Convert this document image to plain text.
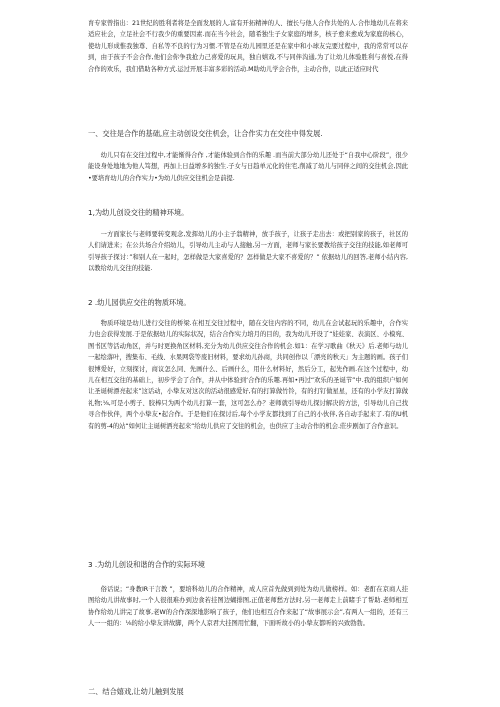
育专家曾指出：21世纪的胜利者将是全面发展的人,富有开拓精神的人、擅长与他人合作共处的人.合作地幼儿在将来适应社会，立足社会不行我少的重要因素.而在当今社会，随希独生子女家庭的增多，核子愈来愈成为家庭的核心，使幼儿形成惟我独尊、自私等不良的行为习惯.不管是在幼儿园里还是在家中和小球友完要过程中，我的常常可以存到，由于孩子不会合作,他们会你争我抢力己喜爱的玩具，独自嬉戏,不与同伴沟通,为了让幼儿体验胜利与喜悦,在得合作的欢乐，我们借助各种方式.运过开展丰富多彩的活动.M助幼儿学会合作，主动合作，以此正适应时代
一、交往是合作的基础,应主动创设交往机会，让合作实力在交往中得发展.
幼儿只有在交往过程中,才能惭得合作 ,才能体验到合作的乐趣 .而当前大部分幼儿还处于“自我中心阶段”，很少能设身处地地为他人笃想，再加上日益增多的独生.子女与日趋单元化的住宅,削减了幼儿与同伴之间的交往机会,因此•要培育幼儿的合作实力•为幼儿供应交往机会是前提.
1,为幼儿创设交往的精神环境。
一方面家长与老师要转变观念,发挥幼儿的小主子翁精神，放手孩子，让孩子走出去：或把别家的孩子，社区的人们请进来；在公共场合介绍幼儿，引导幼儿主动与人接触,另一方面，老师与家长要教给孩子交往的技能,如老师可引导孩子探讨：”和别人在一起时，怎样做是大家喜爱的？怎样做是大家不喜爱的？” 依据幼儿的回答,老师小结内容,以教给幼儿交往的技能.
2 .幼儿园供应交往的物质环境。
物质环境是幼儿进行交往的桥梁.在相互交往过程中，随在交往内容的不同，幼儿在会试起玩的乐趣中，合作实力也会获得发展.于是依据幼儿的实际状况，结合合作实力培月的目的，我为幼儿开设了“娃娃家、表演区、小模宛、图书区等活动角区，并与时更换角区材料,充分为幼儿供应交往合作的机会.如1：在学习歌曲《秋天》后.老师与幼儿一起绘落叶，搜集布、毛线、水果网袋等废旧材料，要求幼儿孙商，共同创作以「漂亮的秋天」为主题的画。孩子们很博爱好，立刻探讨，商议怎么同、先画什么、后画什么，用什么材料好，然后分工，起先作画.在这个过程中，幼儿在相互交往的基础上，初步学会了合作，并从中体验到‘合作的乐趣.再如•再过“欢乐的圣诞节”中.我的组织户如何让圣诞树漂亮起来”这话动，小挚友对这次的活动很感爱好,有的打算做竹铃，有的打钉做星星，还有的小学友打算做礼物;⅛,可是小剪子、胶棒只为两个幼儿打算一套，这可怎么办？老师就引导幼儿探讨解决的方法，引导幼儿自己找寻合作伙伴，两个小挚友•起合作。于是他们在探讨后,每个小学友都找到了自己的小伙伴,各自动手起来了.有的U机有的剪-4的站“如何让主诞树洒亮起来“给幼儿供应了交往的机会，也供应了主动合作的机会.莊步剧加了合作意识。
3 .为幼儿创设和谐的合作的实际环境
俗话说；“身教IR干言教 ”，要培科幼儿的合作精神，成人应首先做到到处为幼儿做榜样。如：老酊在京商人挂图给幼儿讲故事时,一个人很很难办到边食若挂图边蝴排图,正值老师愁方法时,另一老师走上前睹手了帮助.老师相互协作给幼儿讲完了故事,老W的合作深深地影响了孩子，他们也相互合作来起了“故事展示会”,有两人一组的，还有三人一一组的：⅛的给小挚友讲故脚，两个人京君大挂图用忙翻，下面听故小的小挚友都听的兴致勃勃。
二、结合嬉戏,让幼儿触到发展
